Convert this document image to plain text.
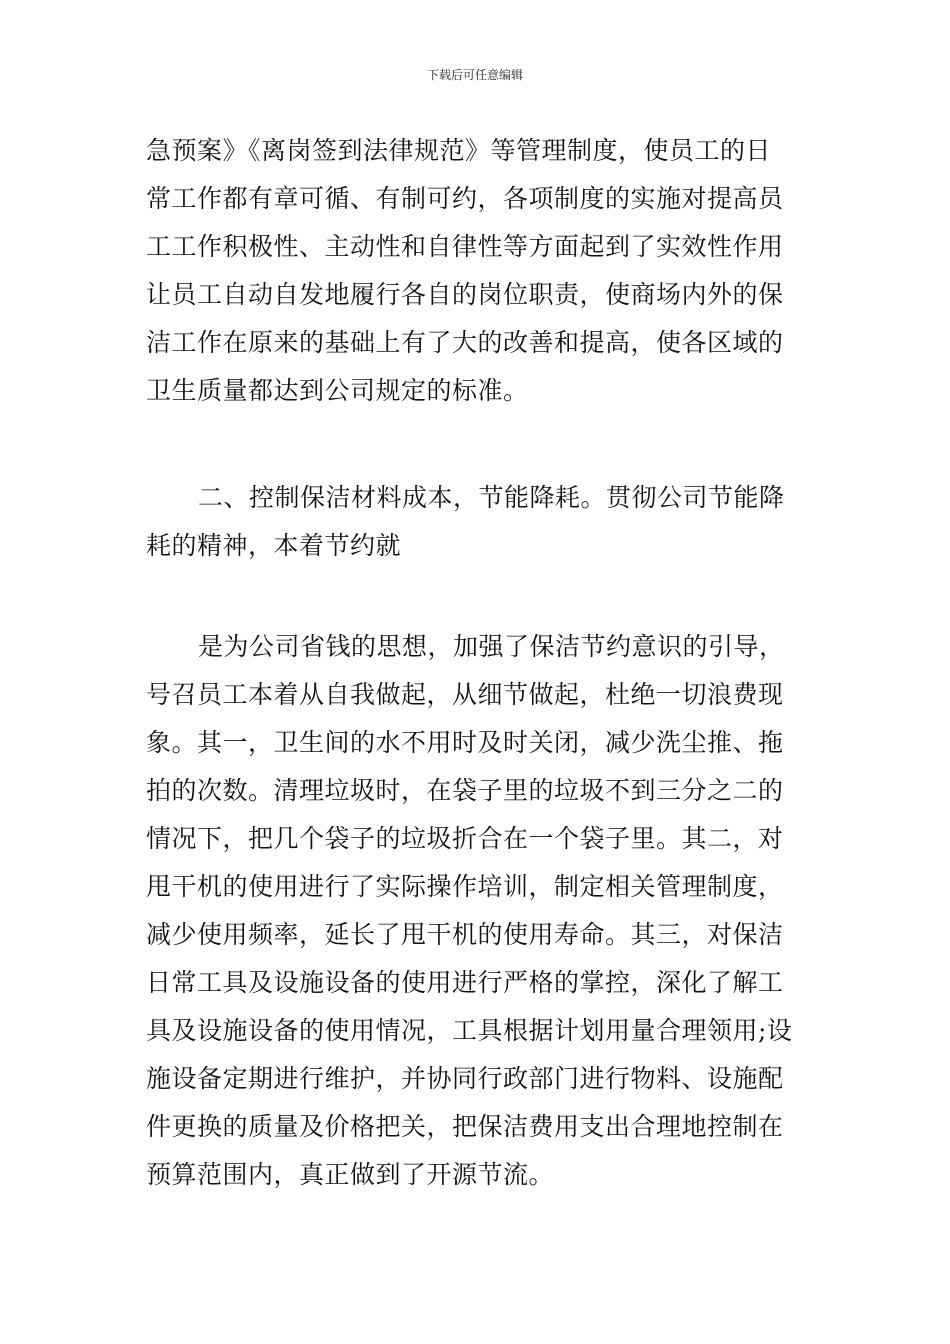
下载后可任意编辑
急预案》《离岗签到法律规范》等管理制度，使员工的日
常工作都有章可循、有制可约，各项制度的实施对提高员
工工作积极性、主动性和自律性等方面起到了实效性作用
让员工自动自发地履行各自的岗位职责，使商场内外的保
洁工作在原来的基础上有了大的改善和提高，使各区域的
卫生质量都达到公司规定的标准。
二、控制保洁材料成本，节能降耗。贯彻公司节能降
耗的精神，本着节约就
是为公司省钱的思想，加强了保洁节约意识的引导，
号召员工本着从自我做起，从细节做起，杜绝一切浪费现
象。其一，卫生间的水不用时及时关闭，减少洗尘推、拖
拍的次数。清理垃圾时，在袋子里的垃圾不到三分之二的
情况下，把几个袋子的垃圾折合在一个袋子里。其二，对
甩干机的使用进行了实际操作培训，制定相关管理制度，
减少使用频率，延长了甩干机的使用寿命。其三，对保洁
日常工具及设施设备的使用进行严格的掌控，深化了解工
具及设施设备的使用情况，工具根据计划用量合理领用;设
施设备定期进行维护，并协同行政部门进行物料、设施配
件更换的质量及价格把关，把保洁费用支出合理地控制在
预算范围内，真正做到了开源节流。
